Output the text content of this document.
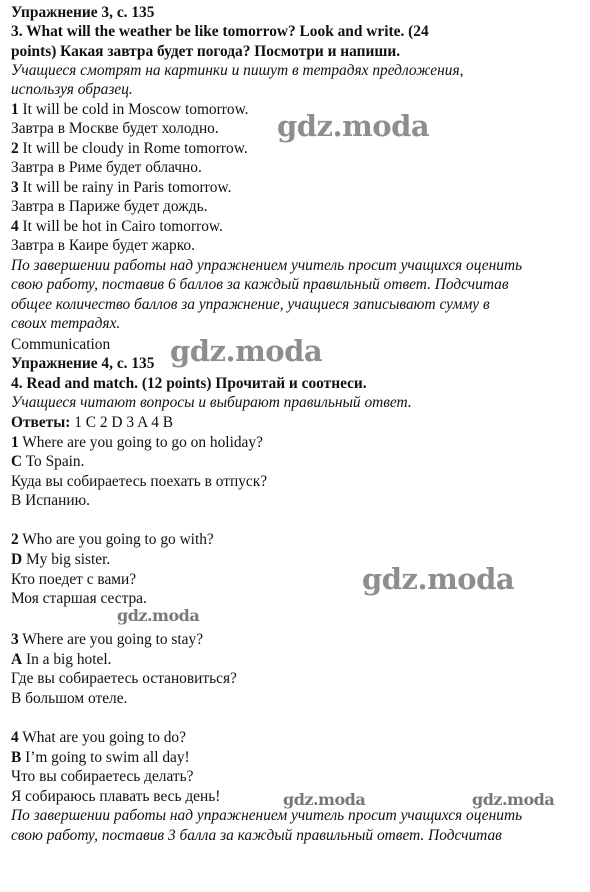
Упражнение 3, с. 135
3. What will the weather be like tomorrow? Look and write. (24
points) Какая завтра будет погода? Посмотри и напиши.
Учащиеся смотрят на картинки и пишут в тетрадях предложения,
используя образец.
1 It will be cold in Moscow tomorrow.
Завтра в Москве будет холодно.
2 It will be cloudy in Rome tomorrow.
Завтра в Риме будет облачно.
3 It will be rainy in Paris tomorrow.
Завтра в Париже будет дождь.
4 It will be hot in Cairo tomorrow.
Завтра в Каире будет жарко.
По завершении работы над упражнением учитель просит учащихся оценить
свою работу, поставив 6 баллов за каждый правильный ответ. Подсчитав
общее количество баллов за упражнение, учащиеся записывают сумму в
своих тетрадях.
Communication
Упражнение 4, с. 135
4. Read and match. (12 points) Прочитай и соотнеси.
Учащиеся читают вопросы и выбирают правильный ответ.
Ответы: 1 C 2 D 3 A 4 B
1 Where are you going to go on holiday?
C To Spain.
Куда вы собираетесь поехать в отпуск?
В Испанию.
2 Who are you going to go with?
D My big sister.
Кто поедет с вами?
Моя старшая сестра.
3 Where are you going to stay?
A In a big hotel.
Где вы собираетесь остановиться?
В большом отеле.
4 What are you going to do?
B I’m going to swim all day!
Что вы собираетесь делать?
Я собираюсь плавать весь день!
По завершении работы над упражнением учитель просит учащихся оценить
свою работу, поставив 3 балла за каждый правильный ответ. Подсчитав
gdz.moda
gdz.moda
gdz.moda
gdz.moda
gdz.moda	gdz.moda
